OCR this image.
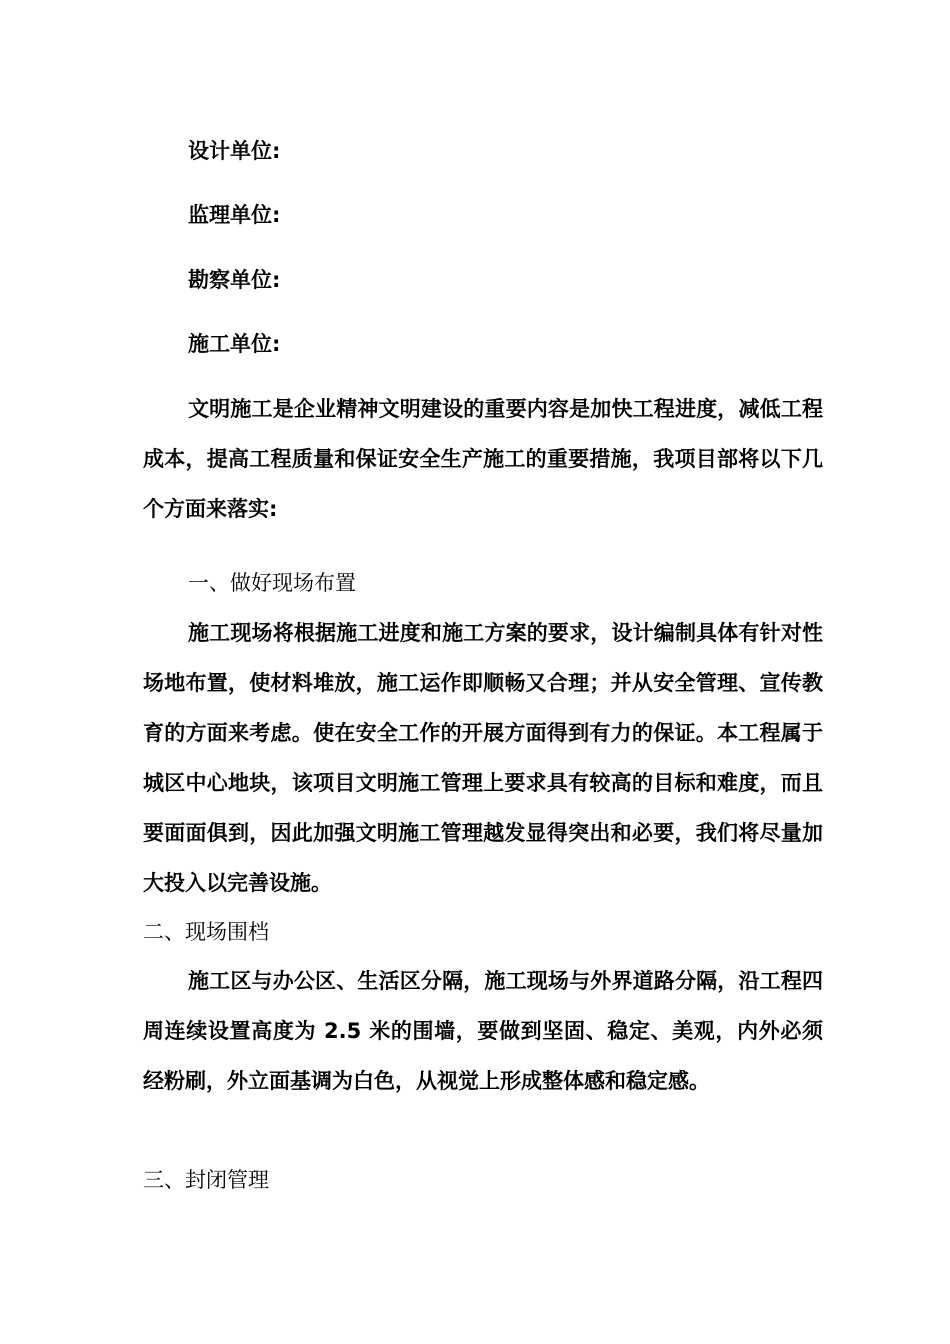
设计单位:
监理单位:
勘察单位:
施工单位:

文明施工是企业精神文明建设的重要内容是加快工程进度，减低工程成本，提高工程质量和保证安全生产施工的重要措施，我项目部将以下几个方面来落实:

一、做好现场布置

施工现场将根据施工进度和施工方案的要求，设计编制具体有针对性场地布置，使材料堆放，施工运作即顺畅又合理；并从安全管理、宣传教育的方面来考虑。使在安全工作的开展方面得到有力的保证。本工程属于城区中心地块，该项目文明施工管理上要求具有较高的目标和难度，而且要面面俱到，因此加强文明施工管理越发显得突出和必要，我们将尽量加大投入以完善设施。

二、现场围档

施工区与办公区、生活区分隔，施工现场与外界道路分隔，沿工程四周连续设置高度为 2.5 米的围墙，要做到坚固、稳定、美观，内外必须经粉刷，外立面基调为白色，从视觉上形成整体感和稳定感。

三、封闭管理
